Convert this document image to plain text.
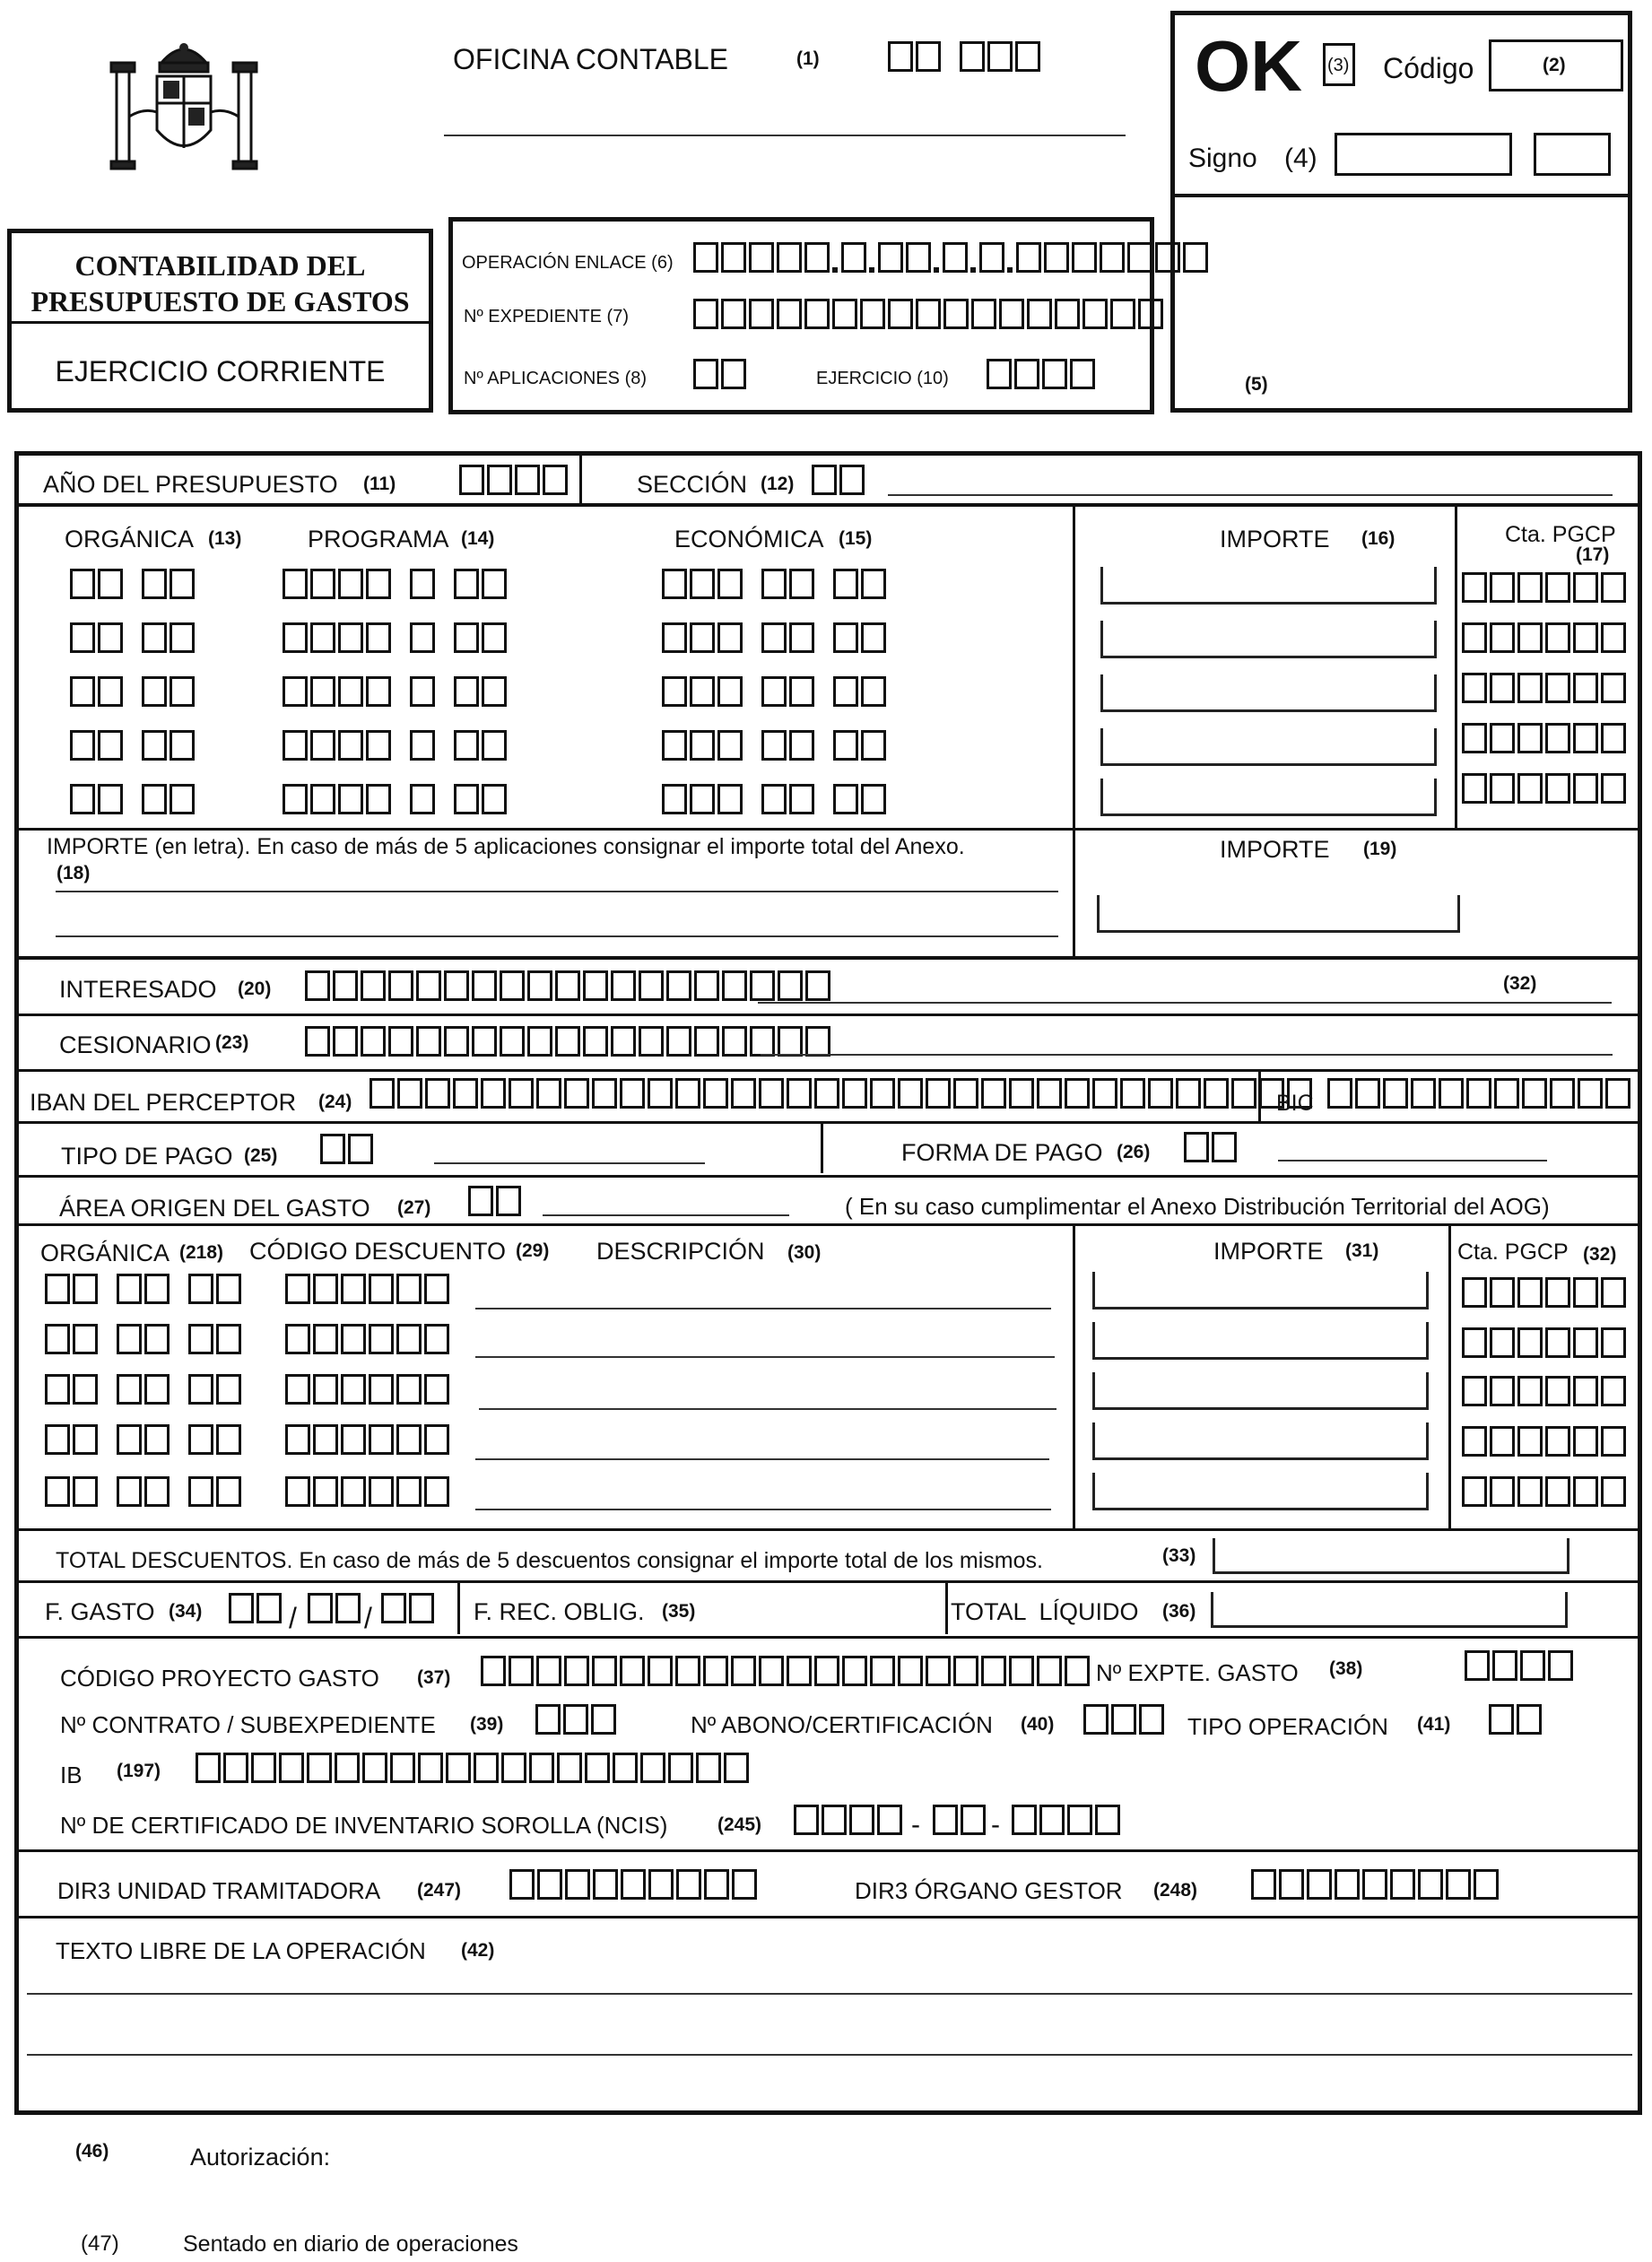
OFICINA CONTABLE	(1)	OK (3) Código	(2)
Signo (4)
(5)
CONTABILIDAD DEL
PRESUPUESTO DE GASTOS
EJERCICIO CORRIENTE
OPERACIÓN ENLACE (6)
Nº EXPEDIENTE (7)
Nº APLICACIONES (8)	EJERCICIO (10)
AÑO DEL PRESUPUESTO (11)	SECCIÓN (12)
ORGÁNICA (13)	PROGRAMA (14)	ECONÓMICA (15)	IMPORTE (16)	Cta. PGCP
(17)
IMPORTE (en letra). En caso de más de 5 aplicaciones consignar el importe total del Anexo.
(18)
IMPORTE (19)
INTERESADO (20)	(32)
CESIONARIO (23)
IBAN DEL PERCEPTOR (24)	BIC
TIPO DE PAGO (25)	FORMA DE PAGO (26)
ÁREA ORIGEN DEL GASTO (27)	( En su caso cumplimentar el Anexo Distribución Territorial del AOG)
ORGÁNICA (218) CÓDIGO DESCUENTO (29) DESCRIPCIÓN (30)	IMPORTE (31)	Cta. PGCP (32)
TOTAL DESCUENTOS. En caso de más de 5 descuentos consignar el importe total de los mismos.	(33)
F. GASTO (34)	/ /	F. REC. OBLIG. (35)	TOTAL  LÍQUIDO (36)
CÓDIGO PROYECTO GASTO (37)	Nº EXPTE. GASTO (38)
Nº CONTRATO / SUBEXPEDIENTE (39)	Nº ABONO/CERTIFICACIÓN (40)	TIPO OPERACIÓN (41)
IB (197)
Nº DE CERTIFICADO DE INVENTARIO SOROLLA (NCIS)	(245)	-	-
DIR3 UNIDAD TRAMITADORA (247)	DIR3 ÓRGANO GESTOR (248)
TEXTO LIBRE DE LA OPERACIÓN (42)
(46)	Autorización:
(47)	Sentado en diario de operaciones
